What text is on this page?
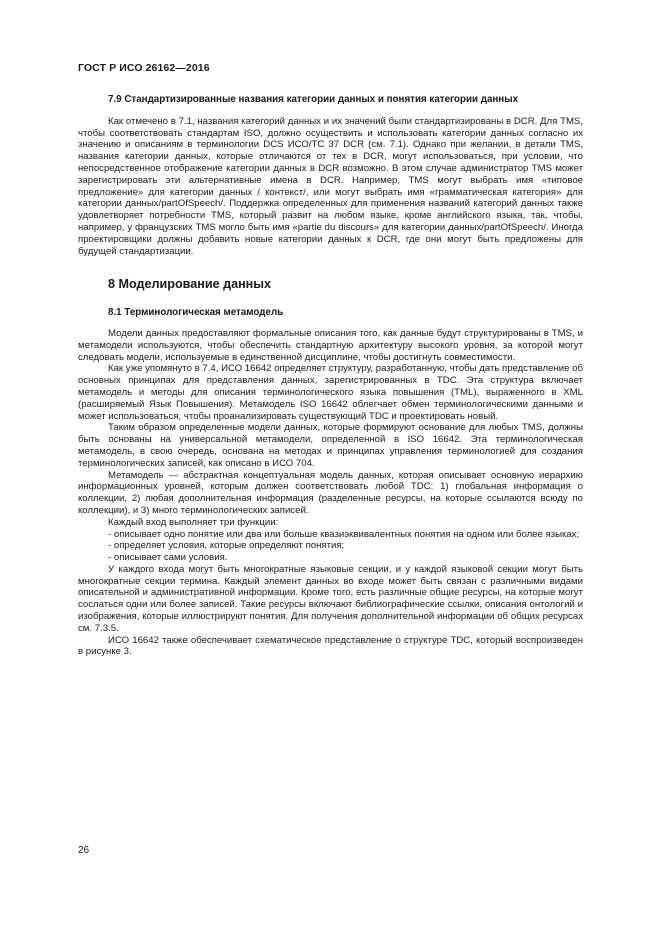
ГОСТ Р ИСО 26162—2016
7.9 Стандартизированные названия категории данных и понятия категории данных

Как отмечено в 7.1, названия категорий данных и их значений были стандартизированы в DCR. Для TMS, чтобы соответствовать стандартам ISO, должно осуществить и использовать категории данных согласно их значению и описаниям в терминологии DCS ИСО/TC 37 DCR (см. 7.1). Однако при желании, в детали TMS, названия категории данных, которые отличаются от тех в DCR, могут использоваться, при условии, что непосредственное отображение категории данных в DCR возможно. В этом случае администратор TMS может зарегистрировать эти альтернативные имена в DCR. Например, TMS могут выбрать имя «типовое предложение» для категории данных / контекст/, или могут выбрать имя «грамматическая категория» для категории данных/partOfSpeech/. Поддержка определенных для применения названий категорий данных также удовлетворяет потребности TMS, который развит на любом языке, кроме английского языка, так, чтобы, например, у французских TMS могло быть имя «partie du discours» для категории данных/partOfSpeech/. Иногда проектировщики должны добавить новые категории данных к DCR, где они могут быть предложены для будущей стандартизации.

8 Моделирование данных
8.1 Терминологическая метамодель

Модели данных предоставляют формальные описания того, как данные будут структурированы в TMS, и метамодели используются, чтобы обеспечить стандартную архитектуру высокого уровня, за которой могут следовать модели, используемые в единственной дисциплине, чтобы достигнуть совместимости.

Как уже упомянуто в 7.4, ИСО 16642 определяет структуру, разработанную, чтобы дать представление об основных принципах для представления данных, зарегистрированных в TDC. Эта структура включает метамодель и методы для описания терминологического языка повышения (TML), выраженного в XML (расширяемый Язык Повышения). Метамодель ISO 16642 облегчает обмен терминологическими данными и может использоваться, чтобы проанализировать существующий TDC и проектировать новый.

Таким образом определенные модели данных, которые формируют основание для любых TMS, должны быть основаны на универсальной метамодели, определенной в ISO 16642. Эта терминологическая метамодель, в свою очередь, основана на методах и принципах управления терминологией для создания терминологических записей, как описано в ИСО 704.

Метамодель — абстрактная концептуальная модель данных, которая описывает основную иерархию информационных уровней, которым должен соответствовать любой TDC: 1) глобальная информация о коллекции, 2) любая дополнительная информация (разделенные ресурсы, на которые ссылаются всюду по коллекции), и 3) много терминологических записей.

Каждый вход выполняет три функции:

- описывает одно понятие или два или больше квазиэквивалентных понятия на одном или более языках;

- определяет условия, которые определяют понятия;

- описывает сами условия.

У каждого входа могут быть многократные языковые секции, и у каждой языковой секции могут быть многократные секции термина. Каждый элемент данных во входе может быть связан с различными видами описательной и административной информации. Кроме того, есть различные общие ресурсы, на которые могут сослаться одни или более записей. Такие ресурсы включают библиографические ссылки, описания онтологий и изображения, которые иллюстрируют понятия. Для получения дополнительной информации об общих ресурсах см. 7.3.5.

ИСО 16642 также обеспечивает схематическое представление о структуре TDC, который воспроизведен в рисунке 3.

26
